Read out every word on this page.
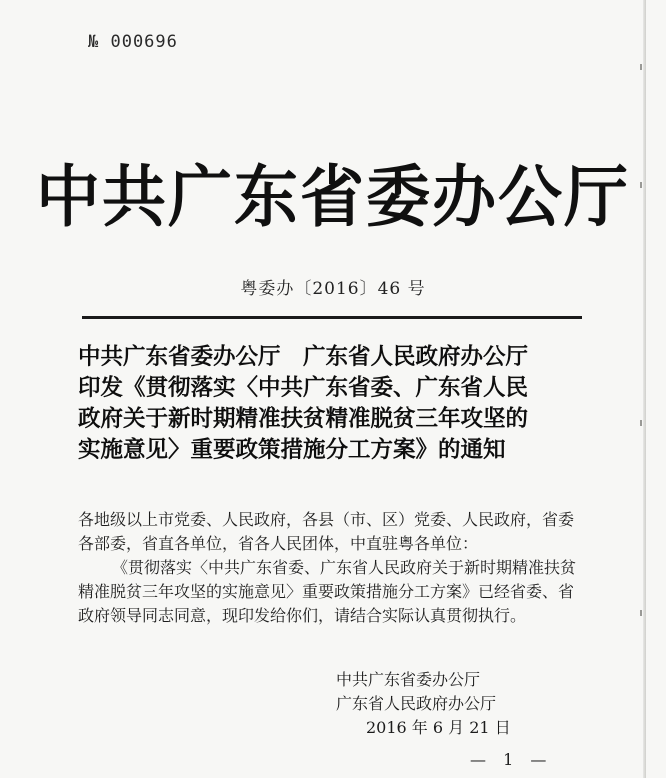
№ 000696
中共广东省委办公厅
粤委办〔2016〕46 号
中共广东省委办公厅　广东省人民政府办公厅
印发《贯彻落实〈中共广东省委、广东省人民
政府关于新时期精准扶贫精准脱贫三年攻坚的
实施意见〉重要政策措施分工方案》的通知

各地级以上市党委、人民政府，各县（市、区）党委、人民政府，省委各部委，省直各单位，省各人民团体，中直驻粤各单位：

《贯彻落实〈中共广东省委、广东省人民政府关于新时期精准扶贫精准脱贫三年攻坚的实施意见〉重要政策措施分工方案》已经省委、省政府领导同志同意，现印发给你们，请结合实际认真贯彻执行。

中共广东省委办公厅
广东省人民政府办公厅
2016 年 6 月 21 日
— 1 —
